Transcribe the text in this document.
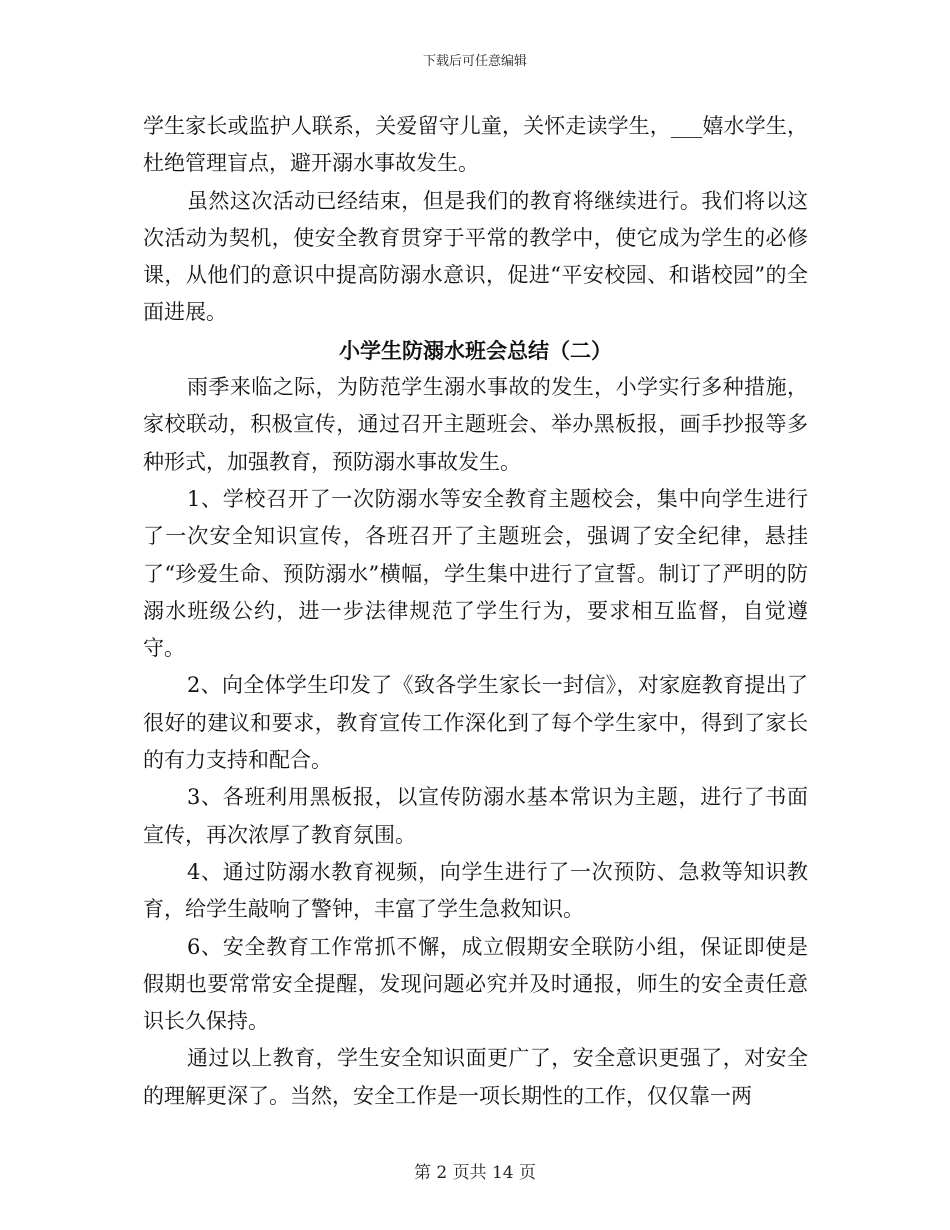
下载后可任意编辑

学生家长或监护人联系，关爱留守儿童，关怀走读学生，___嬉水学生，杜绝管理盲点，避开溺水事故发生。

虽然这次活动已经结束，但是我们的教育将继续进行。我们将以这次活动为契机，使安全教育贯穿于平常的教学中，使它成为学生的必修课，从他们的意识中提高防溺水意识，促进“平安校园、和谐校园”的全面进展。

小学生防溺水班会总结（二）

雨季来临之际，为防范学生溺水事故的发生，小学实行多种措施，家校联动，积极宣传，通过召开主题班会、举办黑板报，画手抄报等多种形式，加强教育，预防溺水事故发生。

1、学校召开了一次防溺水等安全教育主题校会，集中向学生进行了一次安全知识宣传，各班召开了主题班会，强调了安全纪律，悬挂了“珍爱生命、预防溺水”横幅，学生集中进行了宣誓。制订了严明的防溺水班级公约，进一步法律规范了学生行为，要求相互监督，自觉遵守。

2、向全体学生印发了《致各学生家长一封信》，对家庭教育提出了很好的建议和要求，教育宣传工作深化到了每个学生家中，得到了家长的有力支持和配合。

3、各班利用黑板报，以宣传防溺水基本常识为主题，进行了书面宣传，再次浓厚了教育氛围。

4、通过防溺水教育视频，向学生进行了一次预防、急救等知识教育，给学生敲响了警钟，丰富了学生急救知识。

6、安全教育工作常抓不懈，成立假期安全联防小组，保证即使是假期也要常常安全提醒，发现问题必究并及时通报，师生的安全责任意识长久保持。

通过以上教育，学生安全知识面更广了，安全意识更强了，对安全的理解更深了。当然，安全工作是一项长期性的工作，仅仅靠一两

第 2 页共 14 页
